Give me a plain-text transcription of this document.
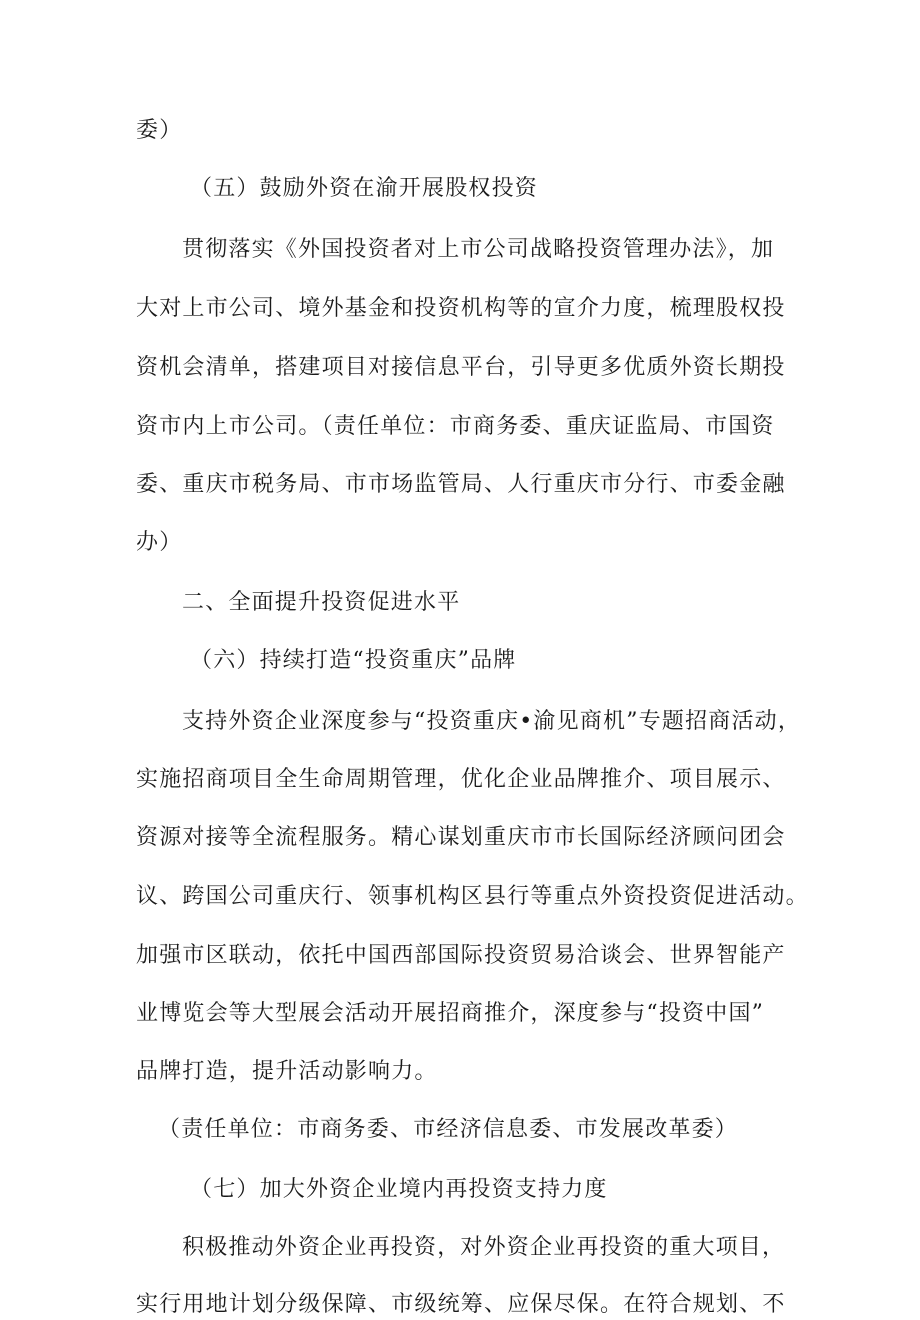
委）
（五）鼓励外资在渝开展股权投资
贯彻落实《外国投资者对上市公司战略投资管理办法》，加
大对上市公司、境外基金和投资机构等的宣介力度，梳理股权投
资机会清单，搭建项目对接信息平台，引导更多优质外资长期投
资市内上市公司。（责任单位：市商务委、重庆证监局、市国资
委、重庆市税务局、市市场监管局、人行重庆市分行、市委金融
办）
二、全面提升投资促进水平
（六）持续打造“投资重庆”品牌
支持外资企业深度参与“投资重庆•渝见商机”专题招商活动，
实施招商项目全生命周期管理，优化企业品牌推介、项目展示、
资源对接等全流程服务。精心谋划重庆市市长国际经济顾问团会
议、跨国公司重庆行、领事机构区县行等重点外资投资促进活动。
加强市区联动，依托中国西部国际投资贸易洽谈会、世界智能产
业博览会等大型展会活动开展招商推介，深度参与“投资中国”
品牌打造，提升活动影响力。
（责任单位：市商务委、市经济信息委、市发展改革委）
（七）加大外资企业境内再投资支持力度
积极推动外资企业再投资，对外资企业再投资的重大项目，
实行用地计划分级保障、市级统筹、应保尽保。在符合规划、不
